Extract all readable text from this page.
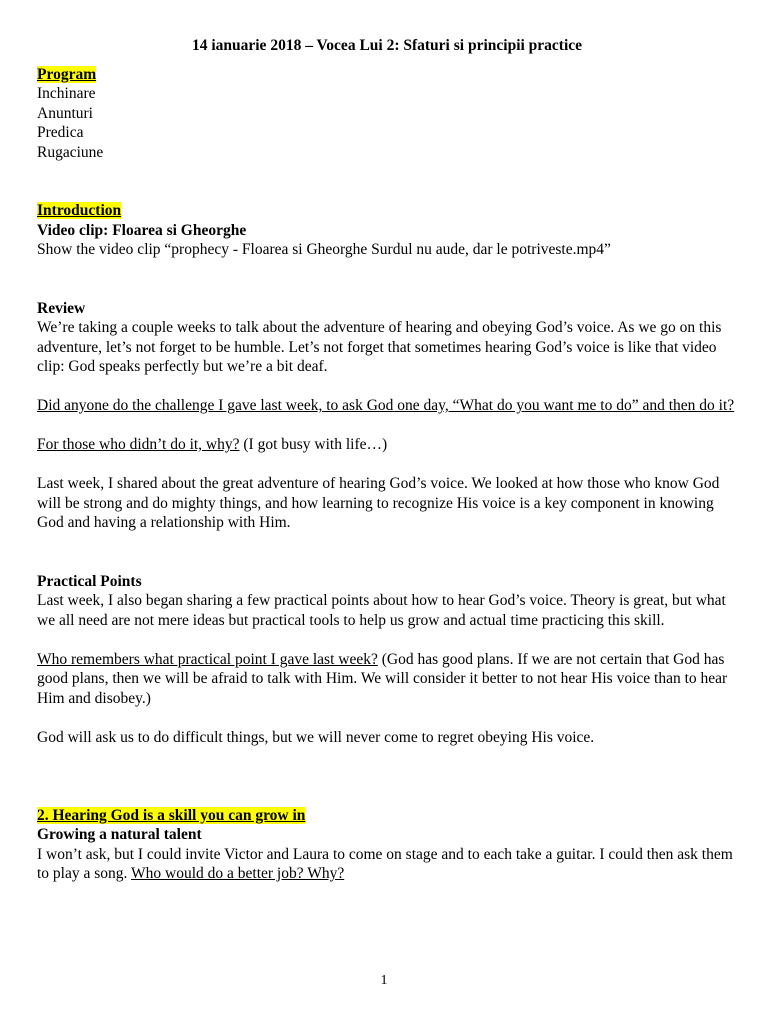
14 ianuarie 2018 – Vocea Lui 2: Sfaturi si principii practice

Program

Inchinare

Anunturi

Predica

Rugaciune

Introduction

Video clip: Floarea si Gheorghe

Show the video clip “prophecy - Floarea si Gheorghe Surdul nu aude, dar le potriveste.mp4”

Review

We’re taking a couple weeks to talk about the adventure of hearing and obeying God’s voice. As we go on this adventure, let’s not forget to be humble. Let’s not forget that sometimes hearing God’s voice is like that video clip: God speaks perfectly but we’re a bit deaf.

Did anyone do the challenge I gave last week, to ask God one day, “What do you want me to do” and then do it?

For those who didn’t do it, why? (I got busy with life…)

Last week, I shared about the great adventure of hearing God’s voice. We looked at how those who know God will be strong and do mighty things, and how learning to recognize His voice is a key component in knowing God and having a relationship with Him.

Practical Points

Last week, I also began sharing a few practical points about how to hear God’s voice. Theory is great, but what we all need are not mere ideas but practical tools to help us grow and actual time practicing this skill.

Who remembers what practical point I gave last week? (God has good plans. If we are not certain that God has good plans, then we will be afraid to talk with Him. We will consider it better to not hear His voice than to hear Him and disobey.)

God will ask us to do difficult things, but we will never come to regret obeying His voice.

2. Hearing God is a skill you can grow in

Growing a natural talent

I won’t ask, but I could invite Victor and Laura to come on stage and to each take a guitar. I could then ask them to play a song. Who would do a better job? Why?

1
